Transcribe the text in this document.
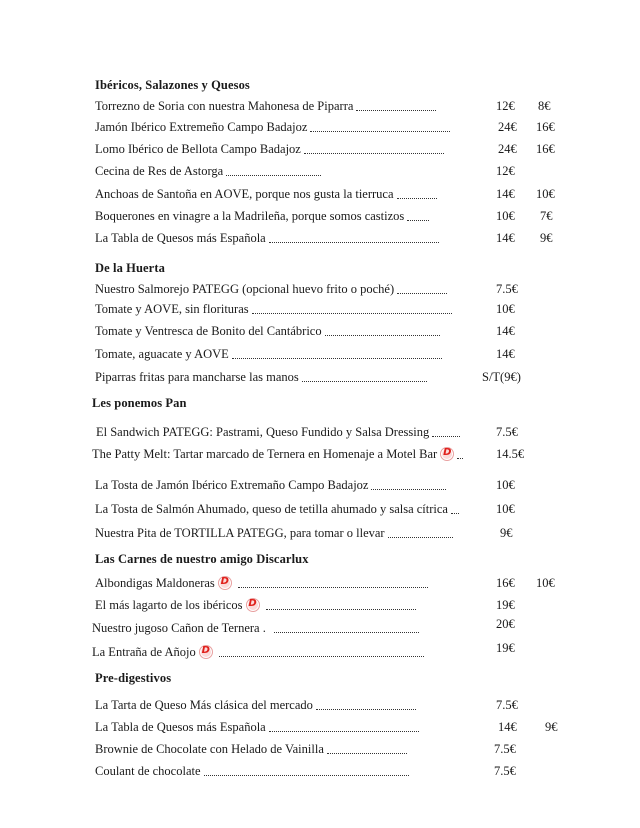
Ibéricos, Salazones y Quesos
Torrezno de Soria con nuestra Mahonesa de Piparra	12€ 8€
Jamón Ibérico Extremeño Campo Badajoz	24€ 16€
Lomo Ibérico de Bellota Campo Badajoz	24€ 16€
Cecina de Res de Astorga	12€
Anchoas de Santoña en AOVE, porque nos gusta la tierruca	14€ 10€
Boquerones en vinagre a la Madrileña, porque somos castizos	10€ 7€
La Tabla de Quesos más Española	14€ 9€
De la Huerta
Nuestro Salmorejo PATEGG (opcional huevo frito o poché)	7.5€
Tomate y AOVE, sin florituras	10€
Tomate y Ventresca de Bonito del Cantábrico	14€
Tomate, aguacate y AOVE	14€
Piparras fritas para mancharse las manos	S/T(9€)
Les ponemos Pan
El Sandwich PATEGG: Pastrami, Queso Fundido y Salsa Dressing	7.5€
The Patty Melt: Tartar marcado de Ternera en Homenaje a Motel Bar D	14.5€
La Tosta de Jamón Ibérico Extremaño Campo Badajoz	10€
La Tosta de Salmón Ahumado, queso de tetilla ahumado y salsa cítrica	10€
Nuestra Pita de TORTILLA PATEGG, para tomar o llevar	9€
Las Carnes de nuestro amigo Discarlux
Albondigas Maldoneras D	16€ 10€
El más lagarto de los ibéricos D	19€
Nuestro jugoso Cañon de Ternera .	20€
La Entraña de Añojo D	19€
Pre-digestivos
La Tarta de Queso Más clásica del mercado	7.5€
La Tabla de Quesos más Española	14€ 9€
Brownie de Chocolate con Helado de Vainilla	7.5€
Coulant de chocolate	7.5€
